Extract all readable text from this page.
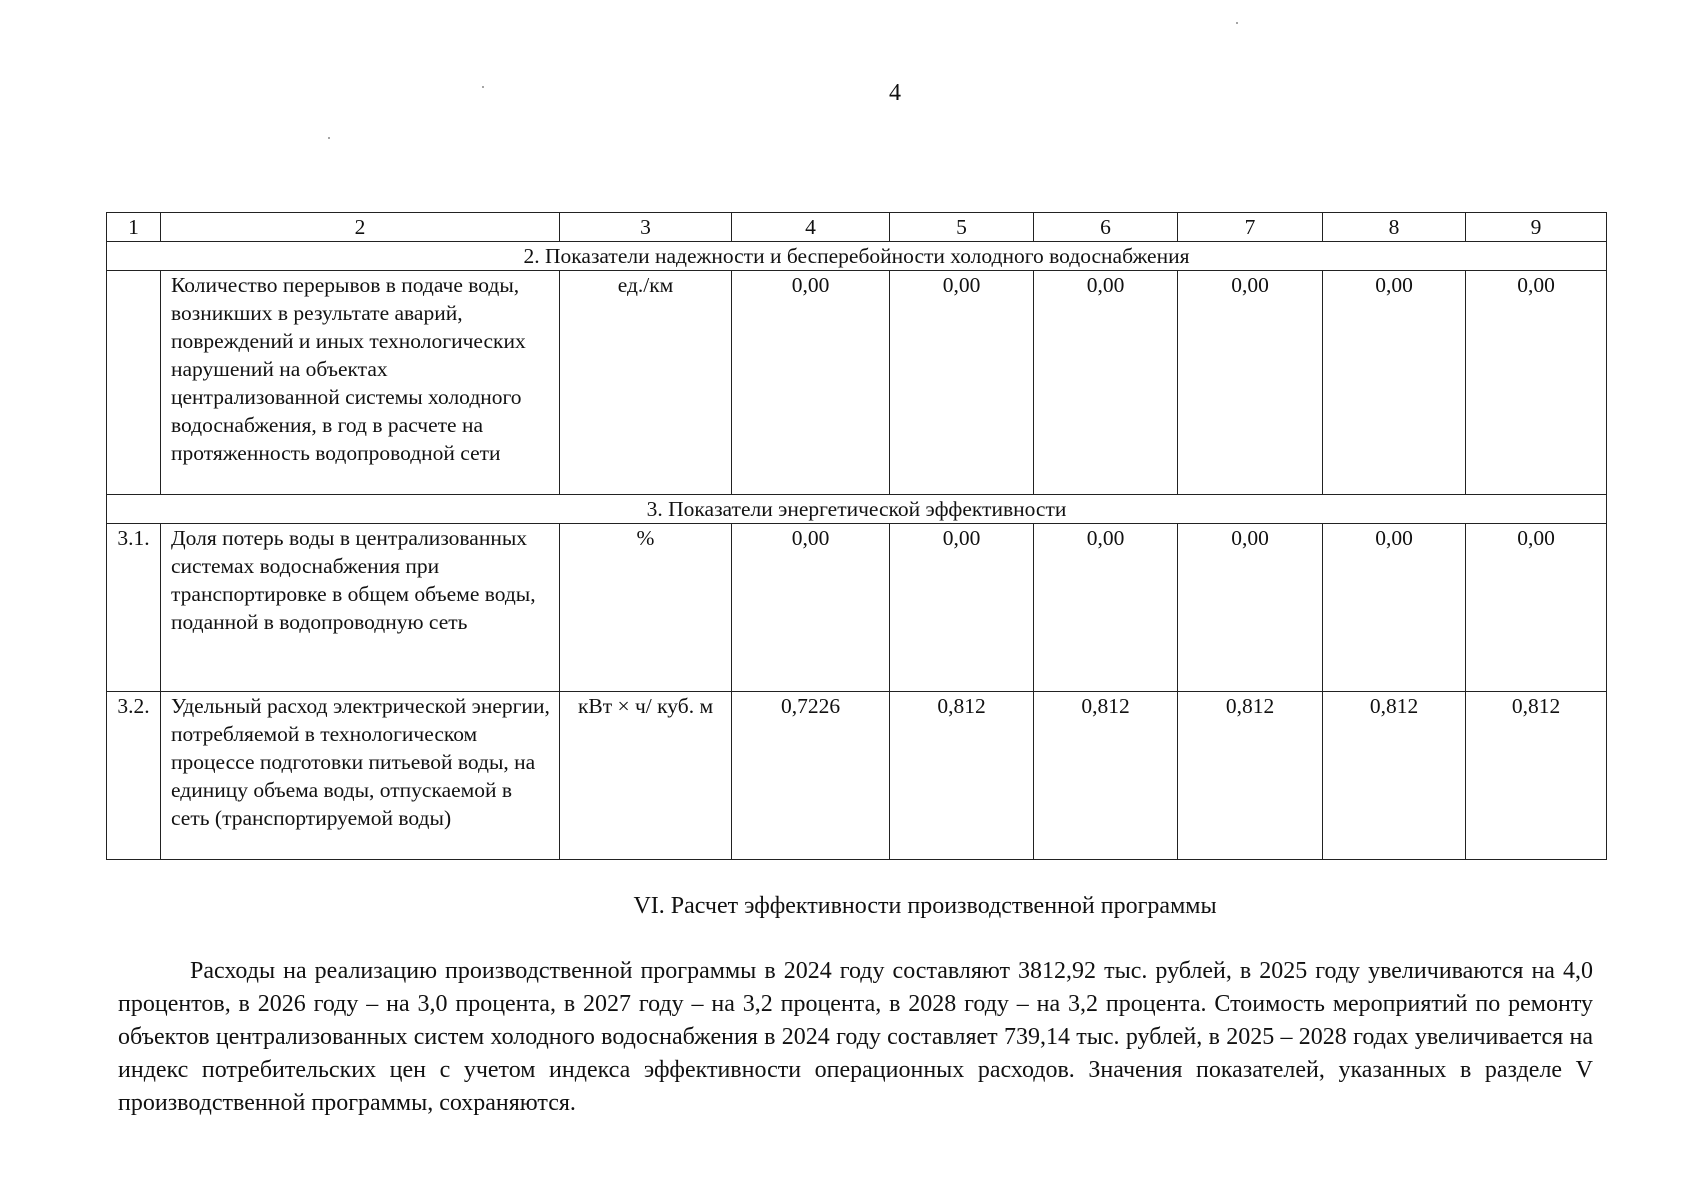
4
1	2	3	4	5	6	7	8	9
2. Показатели надежности и бесперебойности холодного водоснабжения								
	Количество перерывов в подаче воды, возникших в результате аварий, повреждений и иных технологических нарушений на объектах централизованной системы холодного водоснабжения, в год в расчете на протяженность водопроводной сети	ед./км	0,00	0,00	0,00	0,00	0,00	0,00
3. Показатели энергетической эффективности								
3.1.	Доля потерь воды в централизованных системах водоснабжения при транспортировке в общем объеме воды, поданной в водопроводную сеть	%	0,00	0,00	0,00	0,00	0,00	0,00
3.2.	Удельный расход электрической энергии, потребляемой в технологическом процессе подготовки питьевой воды, на единицу объема воды, отпускаемой в сеть (транспортируемой воды)	кВт × ч/ куб. м	0,7226	0,812	0,812	0,812	0,812	0,812
VI. Расчет эффективности производственной программы

Расходы на реализацию производственной программы в 2024 году составляют 3812,92 тыс. рублей, в 2025 году увеличиваются на 4,0 процентов, в 2026 году – на 3,0 процента, в 2027 году – на 3,2 процента, в 2028 году – на 3,2 процента. Стоимость мероприятий по ремонту объектов централизованных систем холодного водоснабжения в 2024 году составляет 739,14 тыс. рублей, в 2025 – 2028 годах увеличивается на индекс потребительских цен с учетом индекса эффективности операционных расходов. Значения показателей, указанных в разделе V производственной программы, сохраняются.
